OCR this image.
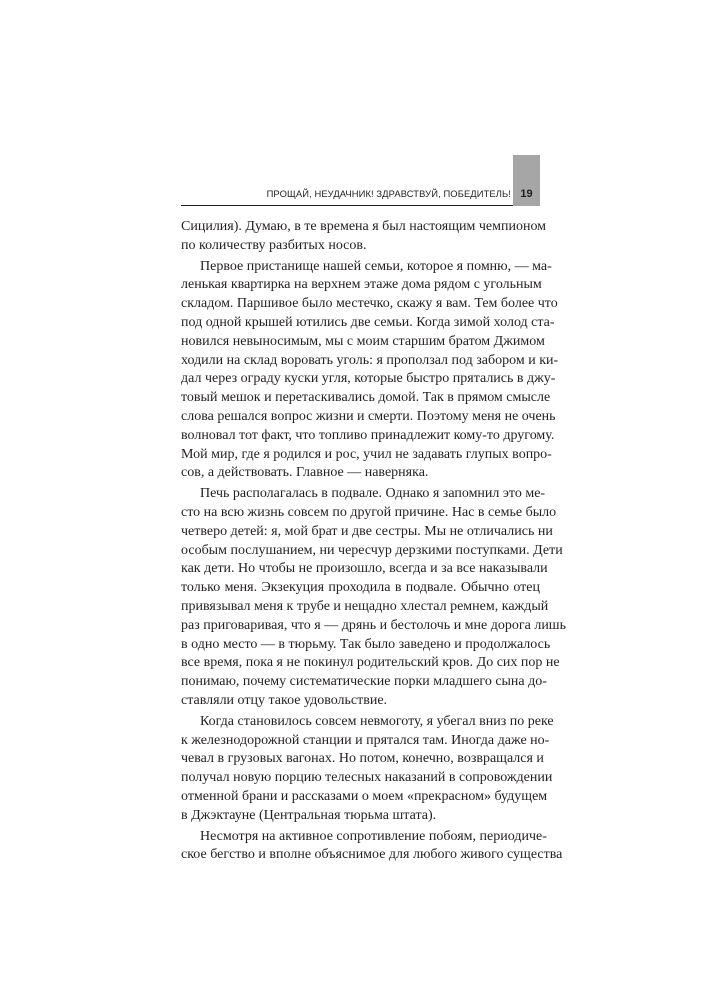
ПРОЩАЙ, НЕУДАЧНИК! ЗДРАВСТВУЙ, ПОБЕДИТЕЛЬ! 19
Сицилия). Думаю, в те времена я был настоящим чемпионом
по количеству разбитых носов.
Первое пристанище нашей семьи, которое я помню, — ма-
ленькая квартирка на верхнем этаже дома рядом с угольным
складом. Паршивое было местечко, скажу я вам. Тем более что
под одной крышей ютились две семьи. Когда зимой холод ста-
новился невыносимым, мы с моим старшим братом Джимом
ходили на склад воровать уголь: я проползал под забором и ки-
дал через ограду куски угля, которые быстро прятались в джу-
товый мешок и перетаскивались домой. Так в прямом смысле
слова решался вопрос жизни и смерти. Поэтому меня не очень
волновал тот факт, что топливо принадлежит кому-то другому.
Мой мир, где я родился и рос, учил не задавать глупых вопро-
сов, а действовать. Главное — наверняка.
Печь располагалась в подвале. Однако я запомнил это ме-
сто на всю жизнь совсем по другой причине. Нас в семье было
четверо детей: я, мой брат и две сестры. Мы не отличались ни
особым послушанием, ни чересчур дерзкими поступками. Дети
как дети. Но чтобы не произошло, всегда и за все наказывали
только меня. Экзекуция проходила в подвале. Обычно отец
привязывал меня к трубе и нещадно хлестал ремнем, каждый
раз приговаривая, что я — дрянь и бестолочь и мне дорога лишь
в одно место — в тюрьму. Так было заведено и продолжалось
все время, пока я не покинул родительский кров. До сих пор не
понимаю, почему систематические порки младшего сына до-
ставляли отцу такое удовольствие.
Когда становилось совсем невмоготу, я убегал вниз по реке
к железнодорожной станции и прятался там. Иногда даже но-
чевал в грузовых вагонах. Но потом, конечно, возвращался и
получал новую порцию телесных наказаний в сопровождении
отменной брани и рассказами о моем «прекрасном» будущем
в Джэктауне (Центральная тюрьма штата).
Несмотря на активное сопротивление побоям, периодиче-
ское бегство и вполне объяснимое для любого живого существа
